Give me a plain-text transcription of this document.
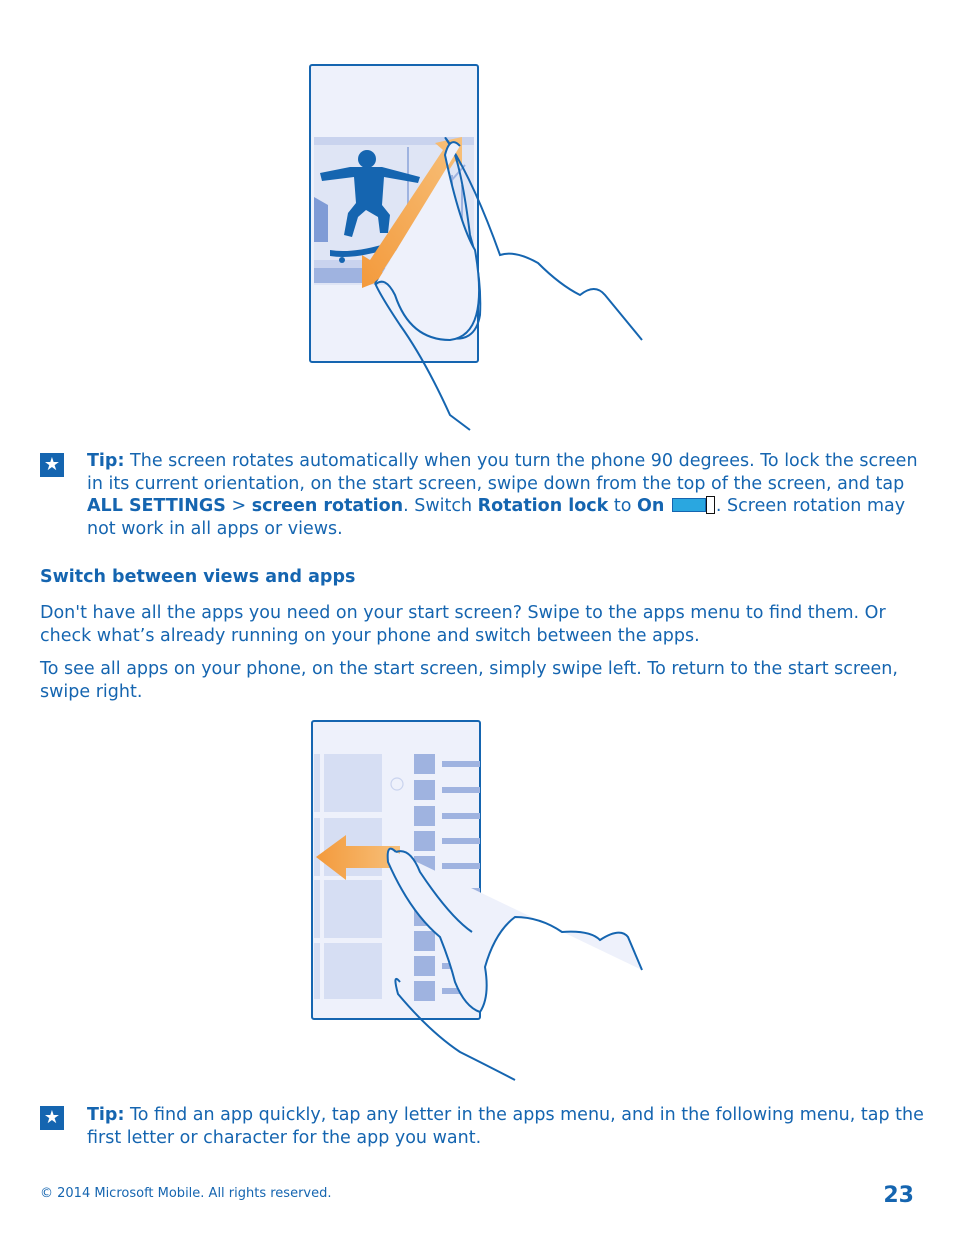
★ Tip: The screen rotates automatically when you turn the phone 90 degrees. To lock the screen in its current orientation, on the start screen, swipe down from the top of the screen, and tap ALL SETTINGS > screen rotation. Switch Rotation lock to On	. Screen rotation may not work in all apps or views.
Switch between views and apps
Don't have all the apps you need on your start screen? Swipe to the apps menu to find them. Or check what’s already running on your phone and switch between the apps.
To see all apps on your phone, on the start screen, simply swipe left. To return to the start screen, swipe right.
★ Tip: To find an app quickly, tap any letter in the apps menu, and in the following menu, tap the first letter or character for the app you want.
© 2014 Microsoft Mobile. All rights reserved.	23
